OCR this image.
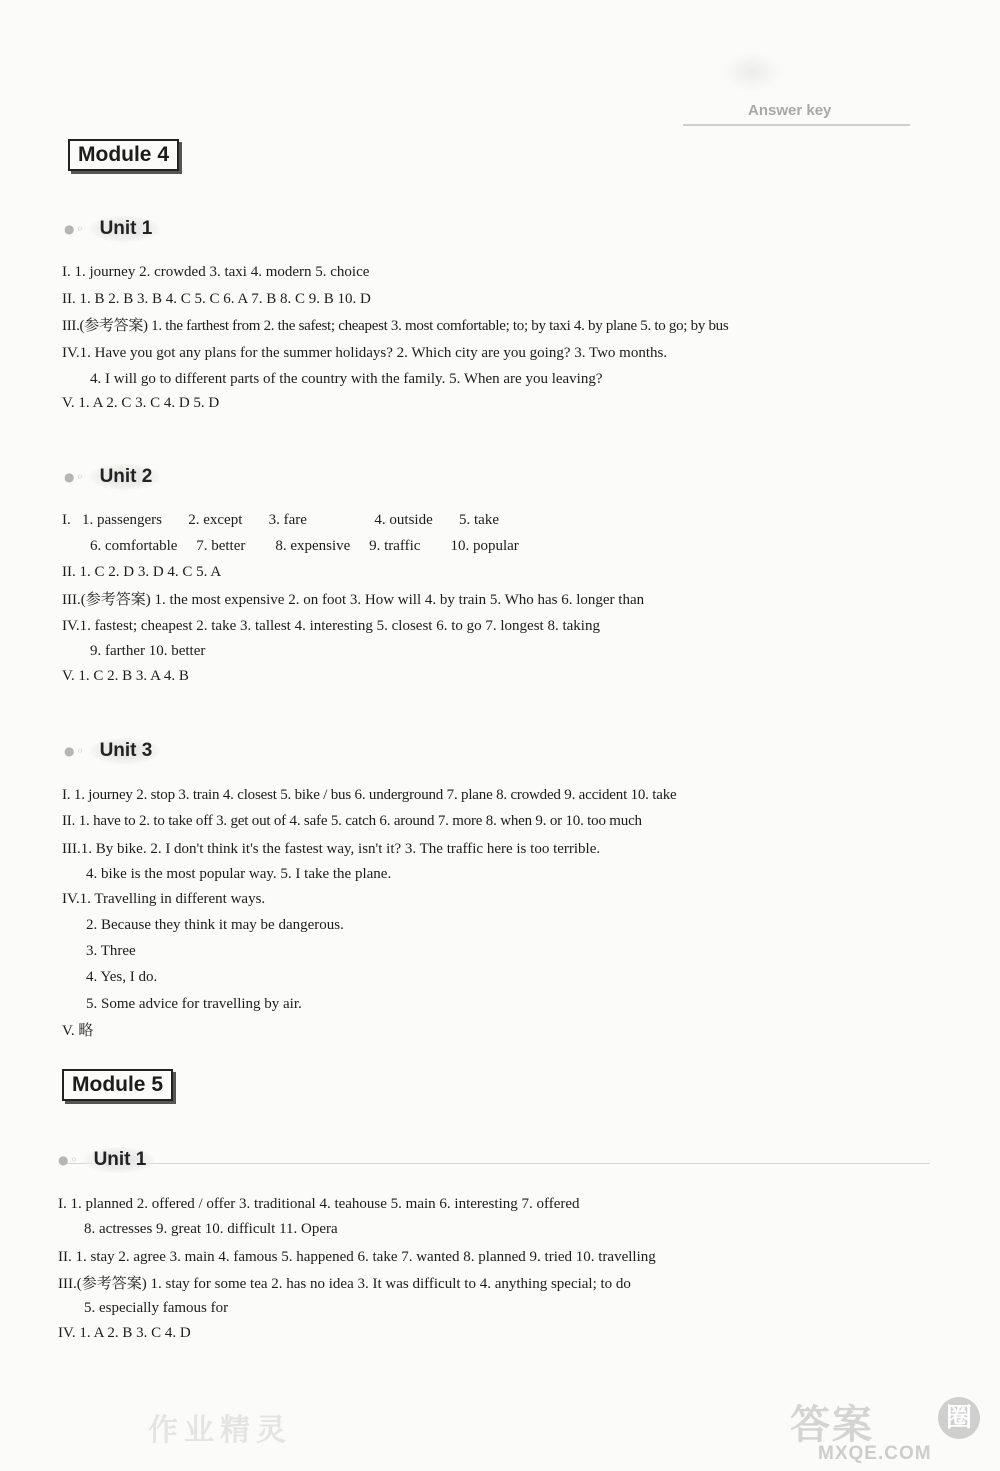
Answer key
Module 4
●◦ Unit 1
I. 1. journey 2. crowded 3. taxi 4. modern 5. choice
II. 1. B 2. B 3. B 4. C 5. C 6. A 7. B 8. C 9. B 10. D
III.(参考答案) 1. the farthest from 2. the safest; cheapest 3. most comfortable; to; by taxi 4. by plane 5. to go; by bus
IV.1. Have you got any plans for the summer holidays? 2. Which city are you going? 3. Two months.
4. I will go to different parts of the country with the family. 5. When are you leaving?
V. 1. A 2. C 3. C 4. D 5. D
●◦ Unit 2
I.   1. passengers       2. except       3. fare                  4. outside       5. take
6. comfortable     7. better        8. expensive     9. traffic        10. popular
II. 1. C 2. D 3. D 4. C 5. A
III.(参考答案) 1. the most expensive 2. on foot 3. How will 4. by train 5. Who has 6. longer than
IV.1. fastest; cheapest 2. take 3. tallest 4. interesting 5. closest 6. to go 7. longest 8. taking
9. farther 10. better
V. 1. C 2. B 3. A 4. B
●◦ Unit 3
I. 1. journey 2. stop 3. train 4. closest 5. bike / bus 6. underground 7. plane 8. crowded 9. accident 10. take
II. 1. have to 2. to take off 3. get out of 4. safe 5. catch 6. around 7. more 8. when 9. or 10. too much
III.1. By bike. 2. I don't think it's the fastest way, isn't it? 3. The traffic here is too terrible.
4. bike is the most popular way. 5. I take the plane.
IV.1. Travelling in different ways.
2. Because they think it may be dangerous.
3. Three
4. Yes, I do.
5. Some advice for travelling by air.
V. 略
Module 5
●◦ Unit 1
I. 1. planned 2. offered / offer 3. traditional 4. teahouse 5. main 6. interesting 7. offered
8. actresses 9. great 10. difficult 11. Opera
II. 1. stay 2. agree 3. main 4. famous 5. happened 6. take 7. wanted 8. planned 9. tried 10. travelling
III.(参考答案) 1. stay for some tea 2. has no idea 3. It was difficult to 4. anything special; to do
5. especially famous for
IV. 1. A 2. B 3. C 4. D
作业精灵	答案	圈
MXQE.COM
